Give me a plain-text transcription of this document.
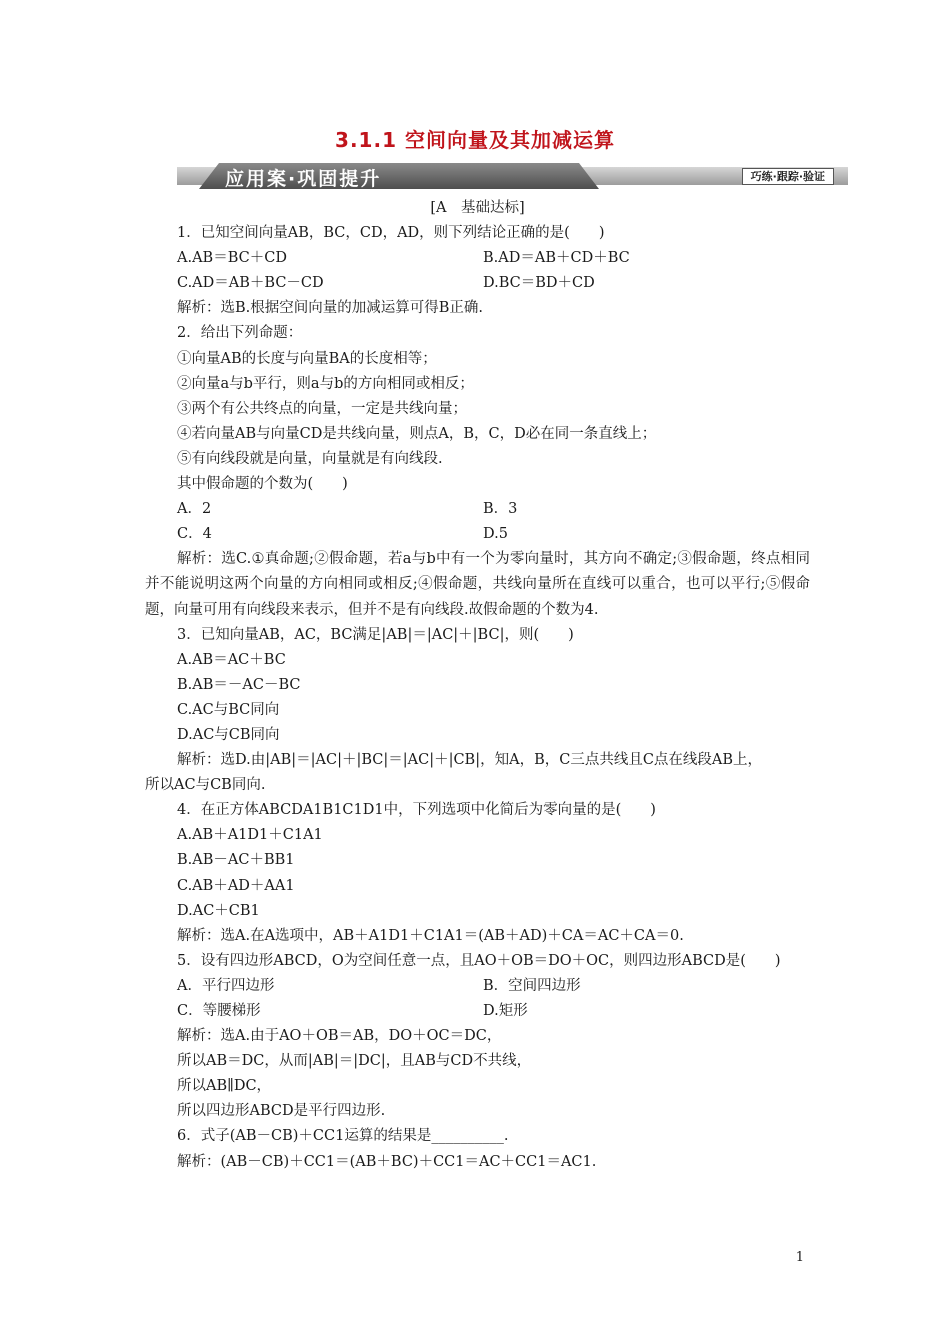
3.1.1 空间向量及其加减运算
应用案·巩固提升	巧练·跟踪·验证
[A　基础达标]
1．已知空间向量AB，BC，CD，AD，则下列结论正确的是(　　)
A.AB＝BC＋CD	B.AD＝AB＋CD＋BC
C.AD＝AB＋BC－CD	D.BC＝BD＋CD
解析：选B.根据空间向量的加减运算可得B正确.
2．给出下列命题：
①向量AB的长度与向量BA的长度相等；
②向量a与b平行，则a与b的方向相同或相反；
③两个有公共终点的向量，一定是共线向量；
④若向量AB与向量CD是共线向量，则点A，B，C，D必在同一条直线上；
⑤有向线段就是向量，向量就是有向线段.
其中假命题的个数为(　　)
A．2	B．3
C．4	D.5
解析：选C.①真命题;②假命题，若a与b中有一个为零向量时，其方向不确定;③假命题，终点相同并不能说明这两个向量的方向相同或相反;④假命题，共线向量所在直线可以重合，也可以平行;⑤假命题，向量可用有向线段来表示，但并不是有向线段.故假命题的个数为4.
3．已知向量AB，AC，BC满足|AB|＝|AC|＋|BC|，则(　　)
A.AB＝AC＋BC
B.AB＝－AC－BC
C.AC与BC同向
D.AC与CB同向
解析：选D.由|AB|＝|AC|＋|BC|＝|AC|＋|CB|，知A，B，C三点共线且C点在线段AB上，
所以AC与CB同向.
4．在正方体ABCDA1B1C1D1中，下列选项中化简后为零向量的是(　　)
A.AB＋A1D1＋C1A1
B.AB－AC＋BB1
C.AB＋AD＋AA1
D.AC＋CB1
解析：选A.在A选项中，AB＋A1D1＋C1A1＝(AB＋AD)＋CA＝AC＋CA＝0.
5．设有四边形ABCD，O为空间任意一点，且AO＋OB＝DO＋OC，则四边形ABCD是(　　)
A．平行四边形	B．空间四边形
C．等腰梯形	D.矩形
解析：选A.由于AO＋OB＝AB，DO＋OC＝DC，
所以AB＝DC，从而|AB|＝|DC|，且AB与CD不共线，
所以AB∥DC，
所以四边形ABCD是平行四边形.
6．式子(AB－CB)＋CC1运算的结果是__________.
解析：(AB－CB)＋CC1＝(AB＋BC)＋CC1＝AC＋CC1＝AC1.
1
